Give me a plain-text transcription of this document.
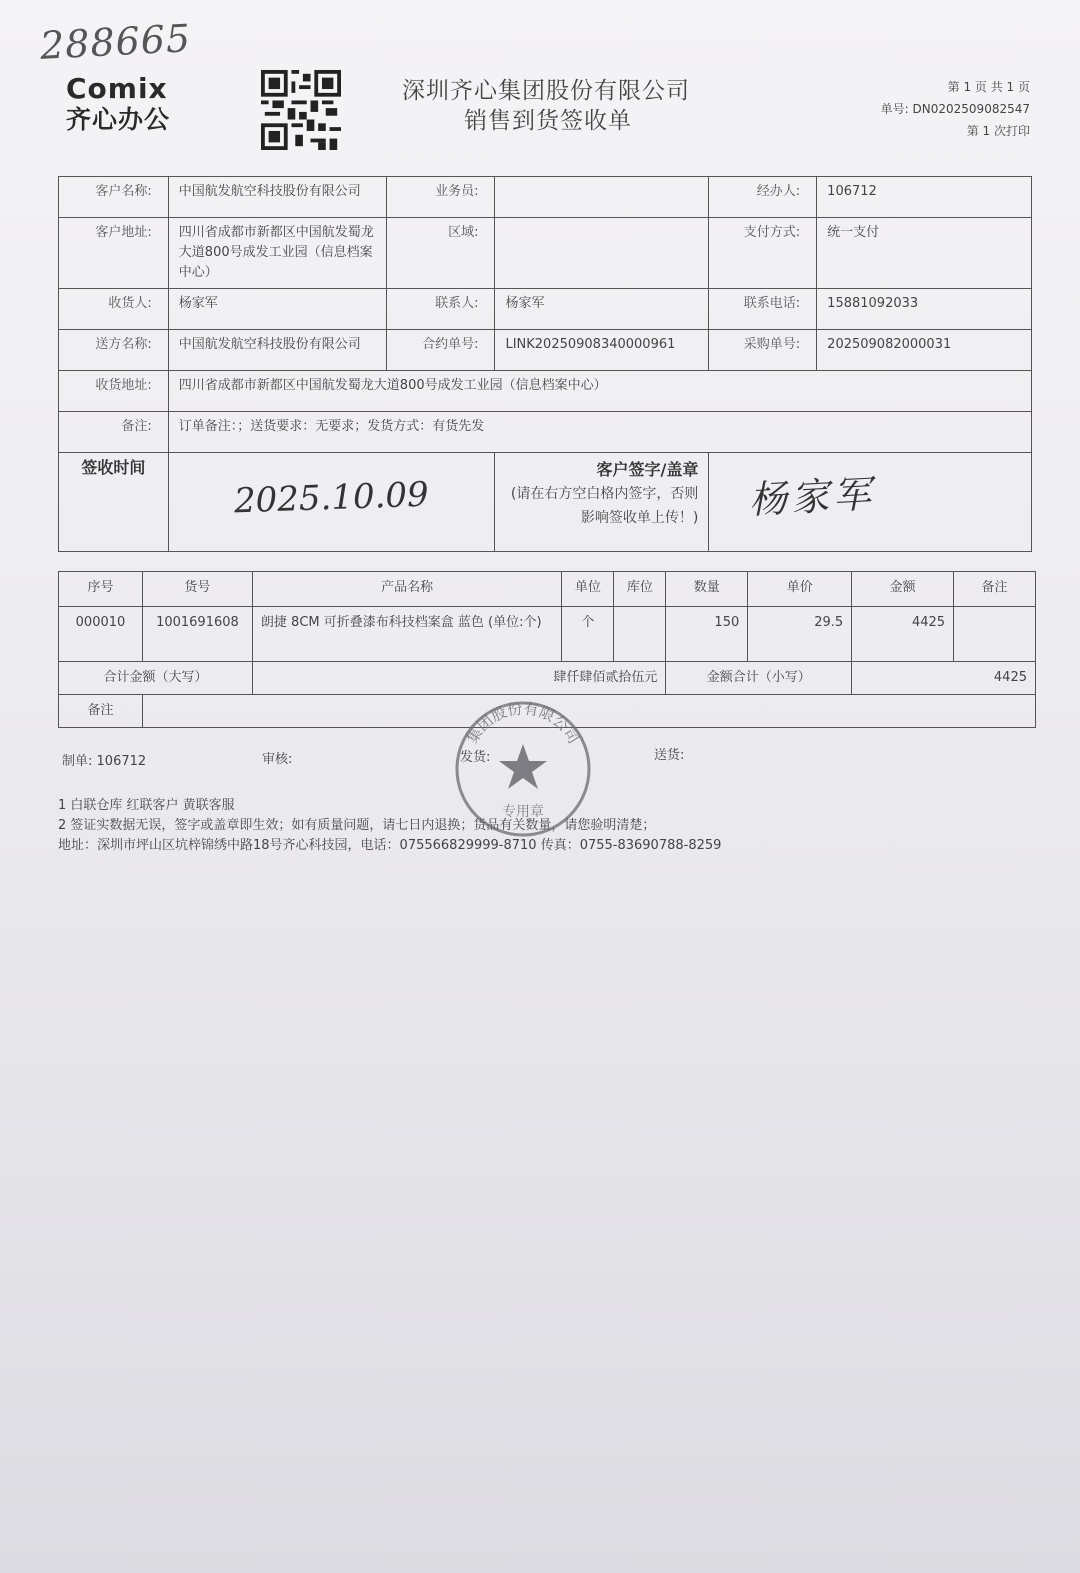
288665
Comix
齐心办公
深圳齐心集团股份有限公司
销售到货签收单
第 1 页 共 1 页
单号: DN0202509082547
第 1 次打印
客户名称:	中国航发航空科技股份有限公司	业务员:		经办人:	106712
客户地址:	四川省成都市新都区中国航发蜀龙大道800号成发工业园（信息档案中心）	区域:		支付方式:	统一支付
收货人:	杨家军	联系人:	杨家军	联系电话:	15881092033
送方名称:	中国航发航空科技股份有限公司	合约单号:	LINK20250908340000961	采购单号:	202509082000031
收货地址:	四川省成都市新都区中国航发蜀龙大道800号成发工业园（信息档案中心）				
备注:	订单备注：；送货要求：无要求；发货方式：有货先发				
签收时间	2025.10.09		客户签字/盖章
(请在右方空白格内签字，否则影响签收单上传！)	杨家军	
序号	货号	产品名称	单位	库位	数量	单价	金额	备注
000010	1001691608	朗捷 8CM 可折叠漆布科技档案盒 蓝色 (单位:个)	个		150	29.5	4425	
合计金额（大写）		肆仟肆佰贰拾伍元			金额合计（小写）		4425	
备注								
制单: 106712	审核:	发货:	送货:
1 白联仓库 红联客户 黄联客服
2 签证实数据无误，签字或盖章即生效；如有质量问题，请七日内退换；货品有关数量，请您验明清楚；
地址：深圳市坪山区坑梓锦绣中路18号齐心科技园，电话：075566829999-8710 传真：0755-83690788-8259
集团股份有限公司
专用章
